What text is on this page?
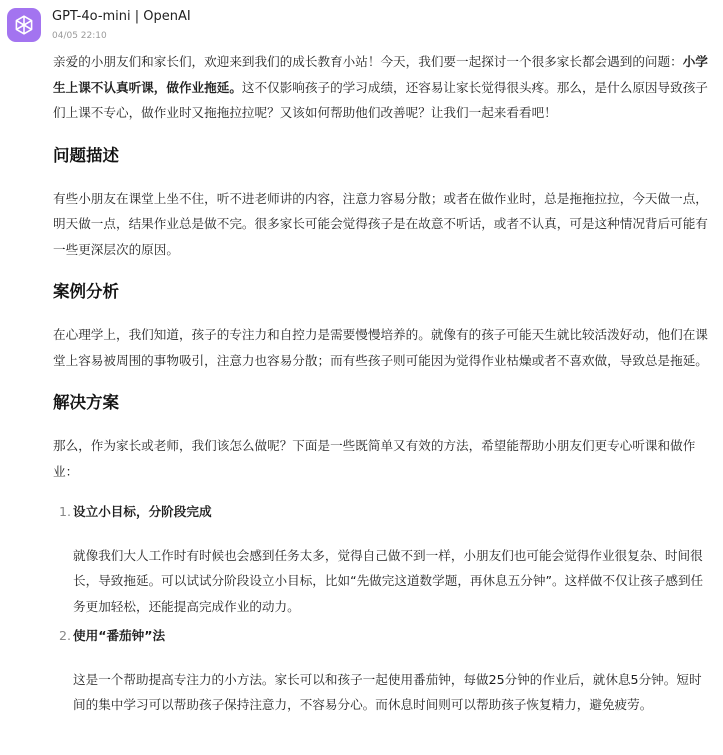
GPT-4o-mini | OpenAI
04/05 22:10

亲爱的小朋友们和家长们，欢迎来到我们的成长教育小站！今天，我们要一起探讨一个很多家长都会遇到的问题：小学生上课不认真听课，做作业拖延。这不仅影响孩子的学习成绩，还容易让家长觉得很头疼。那么，是什么原因导致孩子们上课不专心，做作业时又拖拖拉拉呢？又该如何帮助他们改善呢？让我们一起来看看吧！

问题描述

有些小朋友在课堂上坐不住，听不进老师讲的内容，注意力容易分散；或者在做作业时，总是拖拖拉拉，今天做一点，明天做一点，结果作业总是做不完。很多家长可能会觉得孩子是在故意不听话，或者不认真，可是这种情况背后可能有一些更深层次的原因。

案例分析

在心理学上，我们知道，孩子的专注力和自控力是需要慢慢培养的。就像有的孩子可能天生就比较活泼好动，他们在课堂上容易被周围的事物吸引，注意力也容易分散；而有些孩子则可能因为觉得作业枯燥或者不喜欢做，导致总是拖延。

解决方案

那么，作为家长或老师，我们该怎么做呢？下面是一些既简单又有效的方法，希望能帮助小朋友们更专心听课和做作业：

1. 设立小目标，分阶段完成
就像我们大人工作时有时候也会感到任务太多，觉得自己做不到一样，小朋友们也可能会觉得作业很复杂、时间很长，导致拖延。可以试试分阶段设立小目标，比如“先做完这道数学题，再休息五分钟”。这样做不仅让孩子感到任务更加轻松，还能提高完成作业的动力。
2. 使用“番茄钟”法
这是一个帮助提高专注力的小方法。家长可以和孩子一起使用番茄钟，每做25分钟的作业后，就休息5分钟。短时间的集中学习可以帮助孩子保持注意力，不容易分心。而休息时间则可以帮助孩子恢复精力，避免疲劳。
